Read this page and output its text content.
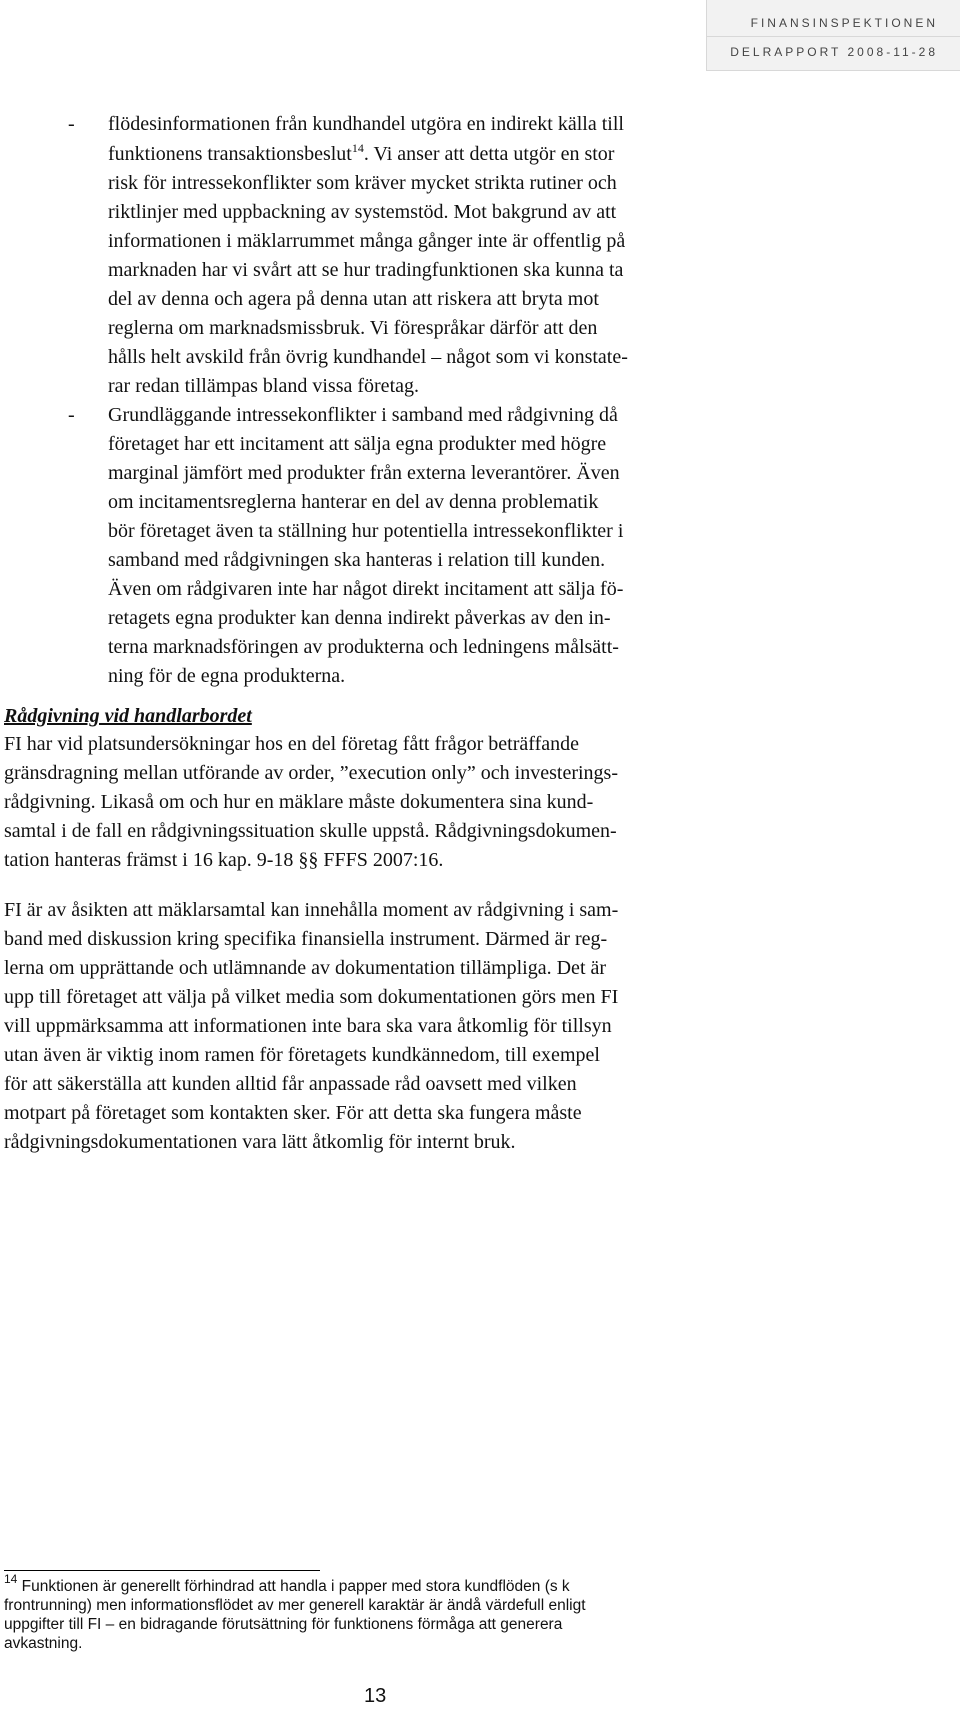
FINANSINSPEKTIONEN
DELRAPPORT 2008-11-28
- flödesinformationen från kundhandel utgöra en indirekt källa till
funktionens transaktionsbeslut$^{14}$. Vi anser att detta utgör en stor
risk för intressekonflikter som kräver mycket strikta rutiner och
riktlinjer med uppbackning av systemstöd. Mot bakgrund av att
informationen i mäklarrummet många gånger inte är offentlig på
marknaden har vi svårt att se hur tradingfunktionen ska kunna ta
del av denna och agera på denna utan att riskera att bryta mot
reglerna om marknadsmissbruk. Vi förespråkar därför att den
hålls helt avskild från övrig kundhandel – något som vi konstate-
rar redan tillämpas bland vissa företag.
- Grundläggande intressekonflikter i samband med rådgivning då
företaget har ett incitament att sälja egna produkter med högre
marginal jämfört med produkter från externa leverantörer. Även
om incitamentsreglerna hanterar en del av denna problematik
bör företaget även ta ställning hur potentiella intressekonflikter i
samband med rådgivningen ska hanteras i relation till kunden.
Även om rådgivaren inte har något direkt incitament att sälja fö-
retagets egna produkter kan denna indirekt påverkas av den in-
terna marknadsföringen av produkterna och ledningens målsätt-
ning för de egna produkterna.
Rådgivning vid handlarbordet
FI har vid platsundersökningar hos en del företag fått frågor beträffande
gränsdragning mellan utförande av order, ”execution only” och investerings-
rådgivning. Likaså om och hur en mäklare måste dokumentera sina kund-
samtal i de fall en rådgivningssituation skulle uppstå. Rådgivningsdokumen-
tation hanteras främst i 16 kap. 9-18 §§ FFFS 2007:16.
FI är av åsikten att mäklarsamtal kan innehålla moment av rådgivning i sam-
band med diskussion kring specifika finansiella instrument. Därmed är reg-
lerna om upprättande och utlämnande av dokumentation tillämpliga. Det är
upp till företaget att välja på vilket media som dokumentationen görs men FI
vill uppmärksamma att informationen inte bara ska vara åtkomlig för tillsyn
utan även är viktig inom ramen för företagets kundkännedom, till exempel
för att säkerställa att kunden alltid får anpassade råd oavsett med vilken
motpart på företaget som kontakten sker. För att detta ska fungera måste
rådgivningsdokumentationen vara lätt åtkomlig för internt bruk.
$^{14}$ Funktionen är generellt förhindrad att handla i papper med stora kundflöden (s k
frontrunning) men informationsflödet av mer generell karaktär är ändå värdefull enligt
uppgifter till FI – en bidragande förutsättning för funktionens förmåga att generera
avkastning.
13
